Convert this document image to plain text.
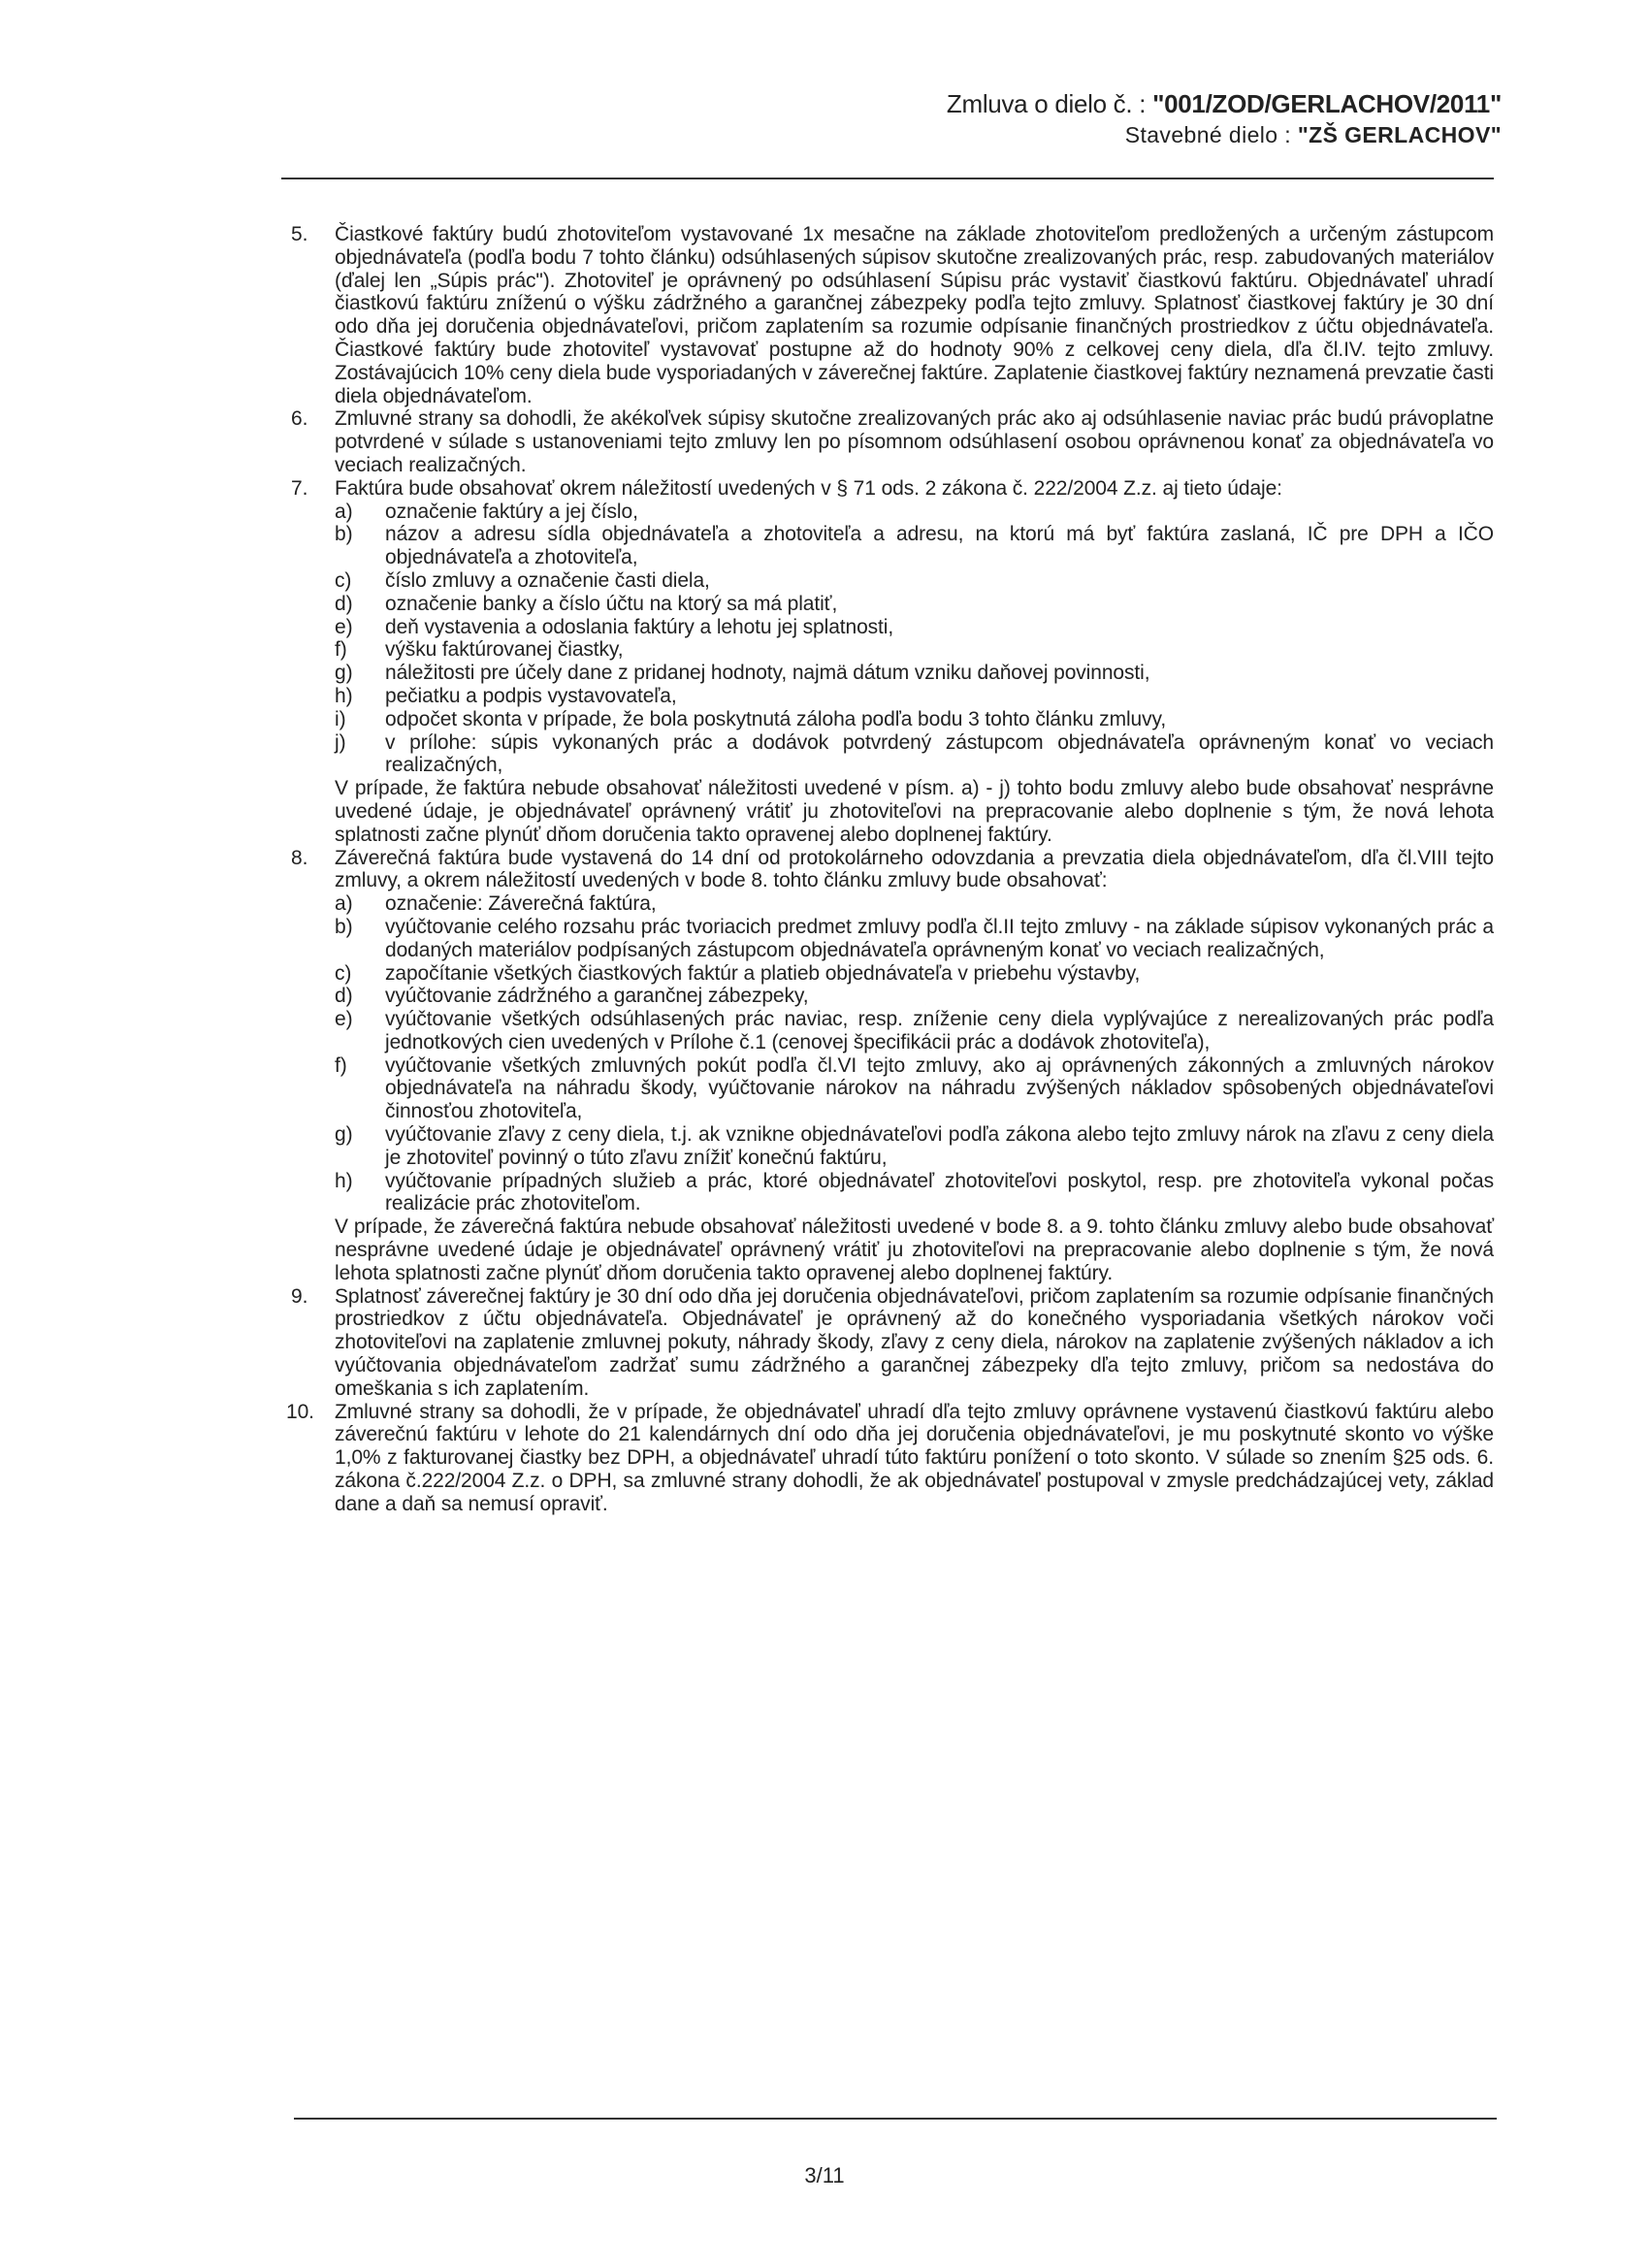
Zmluva o dielo č. : "001/ZOD/GERLACHOV/2011"
Stavebné dielo : "ZŠ GERLACHOV"
5.	Čiastkové faktúry budú zhotoviteľom vystavované 1x mesačne na základe zhotoviteľom predložených a určeným zástupcom objednávateľa (podľa bodu 7 tohto článku) odsúhlasených súpisov skutočne zrealizovaných prác, resp. zabudovaných materiálov (ďalej len „Súpis prác"). Zhotoviteľ je oprávnený po odsúhlasení Súpisu prác vystaviť čiastkovú faktúru. Objednávateľ uhradí čiastkovú faktúru zníženú o výšku zádržného a garančnej zábezpeky podľa tejto zmluvy. Splatnosť čiastkovej faktúry je 30 dní odo dňa jej doručenia objednávateľovi, pričom zaplatením sa rozumie odpísanie finančných prostriedkov z účtu objednávateľa. Čiastkové faktúry bude zhotoviteľ vystavovať postupne až do hodnoty 90% z celkovej ceny diela, dľa čl.IV. tejto zmluvy. Zostávajúcich 10% ceny diela bude vysporiadaných v záverečnej faktúre. Zaplatenie čiastkovej faktúry neznamená prevzatie časti diela objednávateľom.
6.	Zmluvné strany sa dohodli, že akékoľvek súpisy skutočne zrealizovaných prác ako aj odsúhlasenie naviac prác budú právoplatne potvrdené v súlade s ustanoveniami tejto zmluvy len po písomnom odsúhlasení osobou oprávnenou konať za objednávateľa vo veciach realizačných.
7.	Faktúra bude obsahovať okrem náležitostí uvedených v § 71 ods. 2 zákona č. 222/2004 Z.z. aj tieto údaje:
a) označenie faktúry a jej číslo,
b) názov a adresu sídla objednávateľa a zhotoviteľa a adresu, na ktorú má byť faktúra zaslaná, IČ pre DPH a IČO objednávateľa a zhotoviteľa,
c) číslo zmluvy a označenie časti diela,
d) označenie banky a číslo účtu na ktorý sa má platiť,
e) deň vystavenia a odoslania faktúry a lehotu jej splatnosti,
f) výšku faktúrovanej čiastky,
g) náležitosti pre účely dane z pridanej hodnoty, najmä dátum vzniku daňovej povinnosti,
h) pečiatku a podpis vystavovateľa,
i) odpočet skonta v prípade, že bola poskytnutá záloha podľa bodu 3 tohto článku zmluvy,
j) v prílohe: súpis vykonaných prác a dodávok potvrdený zástupcom objednávateľa oprávneným konať vo veciach realizačných,
V prípade, že faktúra nebude obsahovať náležitosti uvedené v písm. a) - j) tohto bodu zmluvy alebo bude obsahovať nesprávne uvedené údaje, je objednávateľ oprávnený vrátiť ju zhotoviteľovi na prepracovanie alebo doplnenie s tým, že nová lehota splatnosti začne plynúť dňom doručenia takto opravenej alebo doplnenej faktúry.
8.	Záverečná faktúra bude vystavená do 14 dní od protokolárneho odovzdania a prevzatia diela objednávateľom, dľa čl.VIII tejto zmluvy, a okrem náležitostí uvedených v bode 8. tohto článku zmluvy bude obsahovať:
a) označenie: Záverečná faktúra,
b) vyúčtovanie celého rozsahu prác tvoriacich predmet zmluvy podľa čl.II tejto zmluvy - na základe súpisov vykonaných prác a dodaných materiálov podpísaných zástupcom objednávateľa oprávneným konať vo veciach realizačných,
c) započítanie všetkých čiastkových faktúr a platieb objednávateľa v priebehu výstavby,
d) vyúčtovanie zádržného a garančnej zábezpeky,
e) vyúčtovanie všetkých odsúhlasených prác naviac, resp. zníženie ceny diela vyplývajúce z nerealizovaných prác podľa jednotkových cien uvedených v Prílohe č.1 (cenovej špecifikácii prác a dodávok zhotoviteľa),
f) vyúčtovanie všetkých zmluvných pokút podľa čl.VI tejto zmluvy, ako aj oprávnených zákonných a zmluvných nárokov objednávateľa na náhradu škody, vyúčtovanie nárokov na náhradu zvýšených nákladov spôsobených objednávateľovi činnosťou zhotoviteľa,
g) vyúčtovanie zľavy z ceny diela, t.j. ak vznikne objednávateľovi podľa zákona alebo tejto zmluvy nárok na zľavu z ceny diela je zhotoviteľ povinný o túto zľavu znížiť konečnú faktúru,
h) vyúčtovanie prípadných služieb a prác, ktoré objednávateľ zhotoviteľovi poskytol, resp. pre zhotoviteľa vykonal počas realizácie prác zhotoviteľom.
V prípade, že záverečná faktúra nebude obsahovať náležitosti uvedené v bode 8. a 9. tohto článku zmluvy alebo bude obsahovať nesprávne uvedené údaje je objednávateľ oprávnený vrátiť ju zhotoviteľovi na prepracovanie alebo doplnenie s tým, že nová lehota splatnosti začne plynúť dňom doručenia takto opravenej alebo doplnenej faktúry.
9.	Splatnosť záverečnej faktúry je 30 dní odo dňa jej doručenia objednávateľovi, pričom zaplatením sa rozumie odpísanie finančných prostriedkov z účtu objednávateľa. Objednávateľ je oprávnený až do konečného vysporiadania všetkých nárokov voči zhotoviteľovi na zaplatenie zmluvnej pokuty, náhrady škody, zľavy z ceny diela, nárokov na zaplatenie zvýšených nákladov a ich vyúčtovania objednávateľom zadržať sumu zádržného a garančnej zábezpeky dľa tejto zmluvy, pričom sa nedostáva do omeškania s ich zaplatením.
10.	Zmluvné strany sa dohodli, že v prípade, že objednávateľ uhradí dľa tejto zmluvy oprávnene vystavenú čiastkovú faktúru alebo záverečnú faktúru v lehote do 21 kalendárnych dní odo dňa jej doručenia objednávateľovi, je mu poskytnuté skonto vo výške 1,0% z fakturovanej čiastky bez DPH, a objednávateľ uhradí túto faktúru ponížení o toto skonto. V súlade so znením §25 ods. 6. zákona č.222/2004 Z.z. o DPH, sa zmluvné strany dohodli, že ak objednávateľ postupoval v zmysle predchádzajúcej vety, základ dane a daň sa nemusí opraviť.
3/11
